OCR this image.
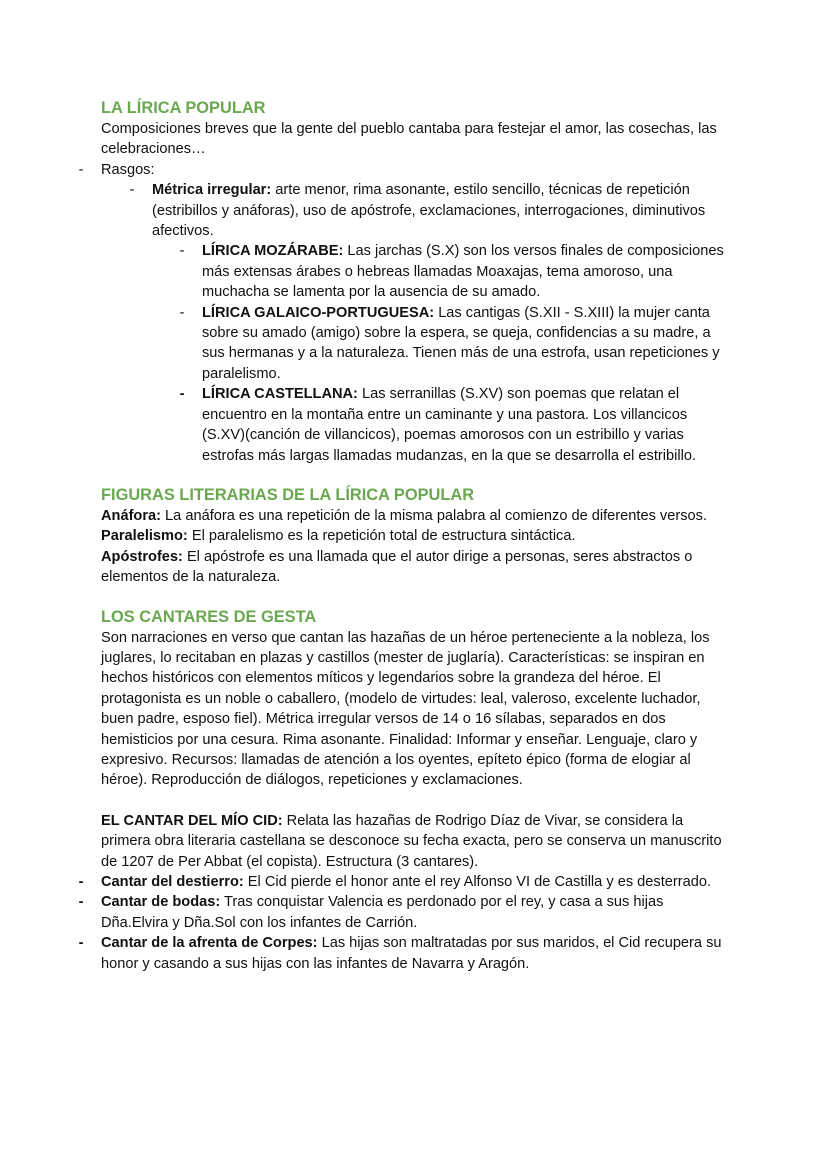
LA LÍRICA POPULAR

Composiciones breves que la gente del pueblo cantaba para festejar el amor, las cosechas, las celebraciones…

- Rasgos:
- Métrica irregular: arte menor, rima asonante, estilo sencillo, técnicas de repetición (estribillos y anáforas), uso de apóstrofe, exclamaciones, interrogaciones, diminutivos afectivos.
- LÍRICA MOZÁRABE: Las jarchas (S.X) son los versos finales de composiciones más extensas árabes o hebreas llamadas Moaxajas, tema amoroso, una muchacha se lamenta por la ausencia de su amado.
- LÍRICA GALAICO-PORTUGUESA: Las cantigas (S.XII - S.XIII) la mujer canta sobre su amado (amigo) sobre la espera, se queja, confidencias a su madre, a sus hermanas y a la naturaleza. Tienen más de una estrofa, usan repeticiones y paralelismo.
- LÍRICA CASTELLANA: Las serranillas (S.XV) son poemas que relatan el encuentro en la montaña entre un caminante y una pastora. Los villancicos (S.XV)(canción de villancicos), poemas amorosos con un estribillo y varias estrofas más largas llamadas mudanzas, en la que se desarrolla el estribillo.
FIGURAS LITERARIAS DE LA LÍRICA POPULAR

Anáfora: La anáfora es una repetición de la misma palabra al comienzo de diferentes versos.

Paralelismo: El paralelismo es la repetición total de estructura sintáctica.

Apóstrofes: El apóstrofe es una llamada que el autor dirige a personas, seres abstractos o elementos de la naturaleza.

LOS CANTARES DE GESTA

Son narraciones en verso que cantan las hazañas de un héroe perteneciente a la nobleza, los juglares, lo recitaban en plazas y castillos (mester de juglaría). Características: se inspiran en hechos históricos con elementos míticos y legendarios sobre la grandeza del héroe. El protagonista es un noble o caballero, (modelo de virtudes: leal, valeroso, excelente luchador, buen padre, esposo fiel). Métrica irregular versos de 14 o 16 sílabas, separados en dos hemisticios por una cesura. Rima asonante. Finalidad: Informar y enseñar. Lenguaje, claro y expresivo. Recursos: llamadas de atención a los oyentes, epíteto épico (forma de elogiar al héroe). Reproducción de diálogos, repeticiones y exclamaciones.

EL CANTAR DEL MÍO CID: Relata las hazañas de Rodrigo Díaz de Vivar, se considera la primera obra literaria castellana se desconoce su fecha exacta, pero se conserva un manuscrito de 1207 de Per Abbat (el copista). Estructura (3 cantares).

- Cantar del destierro: El Cid pierde el honor ante el rey Alfonso VI de Castilla y es desterrado.
- Cantar de bodas: Tras conquistar Valencia es perdonado por el rey, y casa a sus hijas Dña.Elvira y Dña.Sol con los infantes de Carrión.
- Cantar de la afrenta de Corpes: Las hijas son maltratadas por sus maridos, el Cid recupera su honor y casando a sus hijas con las infantes de Navarra y Aragón.
